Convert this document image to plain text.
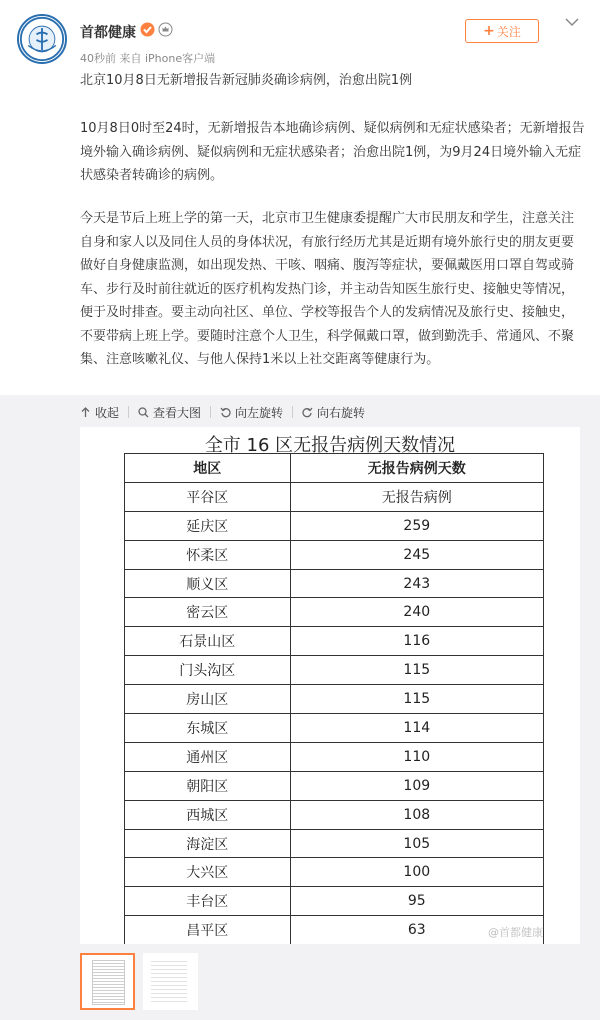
首都健康
40秒前 来自 iPhone客户端
+ 关注
北京10月8日无新增报告新冠肺炎确诊病例，治愈出院1例
10月8日0时至24时，无新增报告本地确诊病例、疑似病例和无症状感染者；无新增报告境外输入确诊病例、疑似病例和无症状感染者；治愈出院1例，为9月24日境外输入无症状感染者转确诊的病例。
今天是节后上班上学的第一天，北京市卫生健康委提醒广大市民朋友和学生，注意关注自身和家人以及同住人员的身体状况，有旅行经历尤其是近期有境外旅行史的朋友更要做好自身健康监测，如出现发热、干咳、咽痛、腹泻等症状，要佩戴医用口罩自驾或骑车、步行及时前往就近的医疗机构发热门诊，并主动告知医生旅行史、接触史等情况，便于及时排查。要主动向社区、单位、学校等报告个人的发病情况及旅行史、接触史，不要带病上班上学。要随时注意个人卫生，科学佩戴口罩，做到勤洗手、常通风、不聚集、注意咳嗽礼仪、与他人保持1米以上社交距离等健康行为。
收起	查看大图	向左旋转	向右旋转
全市 16 区无报告病例天数情况
地区	无报告病例天数
平谷区	无报告病例
延庆区	259
怀柔区	245
顺义区	243
密云区	240
石景山区	116
门头沟区	115
房山区	115
东城区	114
通州区	110
朝阳区	109
西城区	108
海淀区	105
大兴区	100
丰台区	95
昌平区	63	@首都健康
